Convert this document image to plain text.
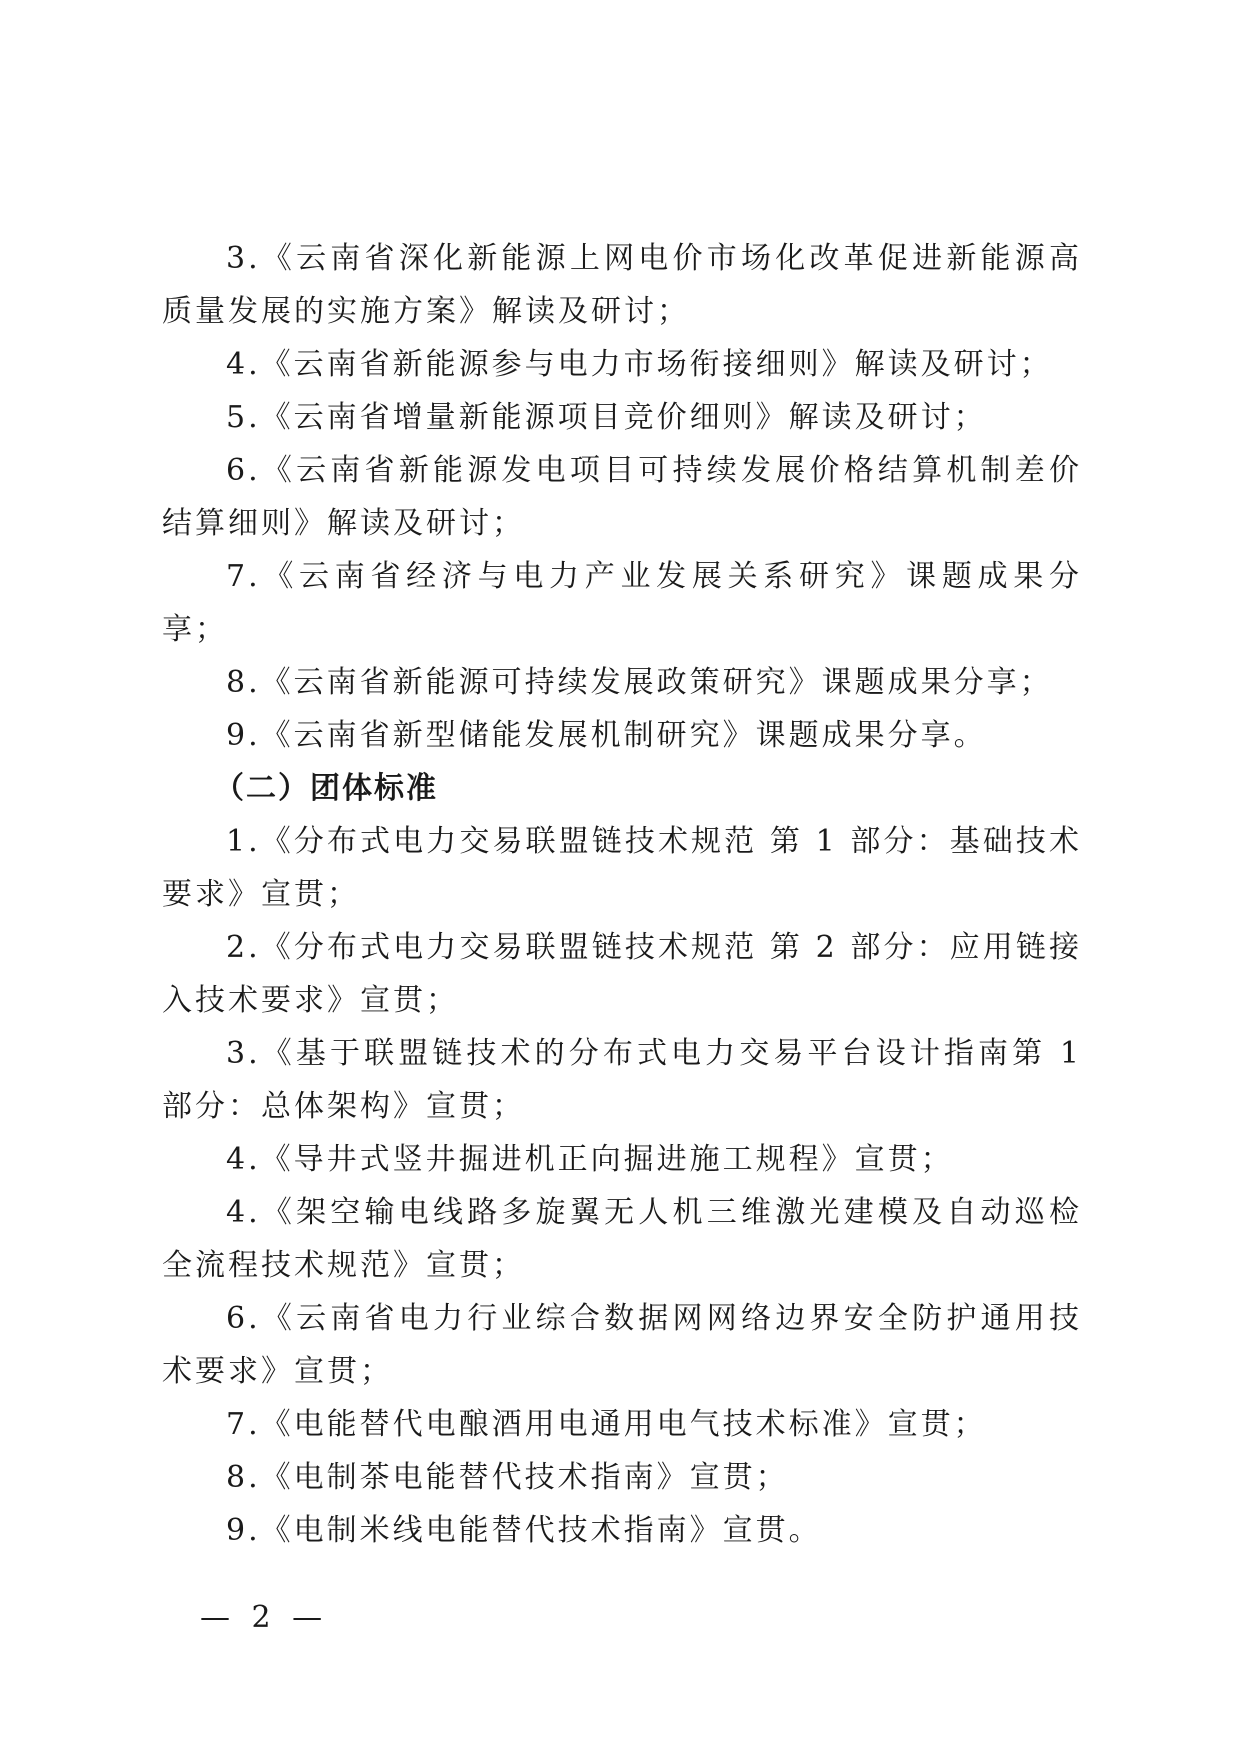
3.《云南省深化新能源上网电价市场化改革促进新能源高质量发展的实施方案》解读及研讨；

4.《云南省新能源参与电力市场衔接细则》解读及研讨；

5.《云南省增量新能源项目竞价细则》解读及研讨；

6.《云南省新能源发电项目可持续发展价格结算机制差价结算细则》解读及研讨；

7.《云南省经济与电力产业发展关系研究》课题成果分享；

8.《云南省新能源可持续发展政策研究》课题成果分享；

9.《云南省新型储能发展机制研究》课题成果分享。

（二）团体标准

1.《分布式电力交易联盟链技术规范 第 1 部分：基础技术要求》宣贯；

2.《分布式电力交易联盟链技术规范 第 2 部分：应用链接入技术要求》宣贯；

3.《基于联盟链技术的分布式电力交易平台设计指南第 1 部分：总体架构》宣贯；

4.《导井式竖井掘进机正向掘进施工规程》宣贯；

4.《架空输电线路多旋翼无人机三维激光建模及自动巡检全流程技术规范》宣贯；

6.《云南省电力行业综合数据网网络边界安全防护通用技术要求》宣贯；

7.《电能替代电酿酒用电通用电气技术标准》宣贯；

8.《电制茶电能替代技术指南》宣贯；

9.《电制米线电能替代技术指南》宣贯。

— 2 —
